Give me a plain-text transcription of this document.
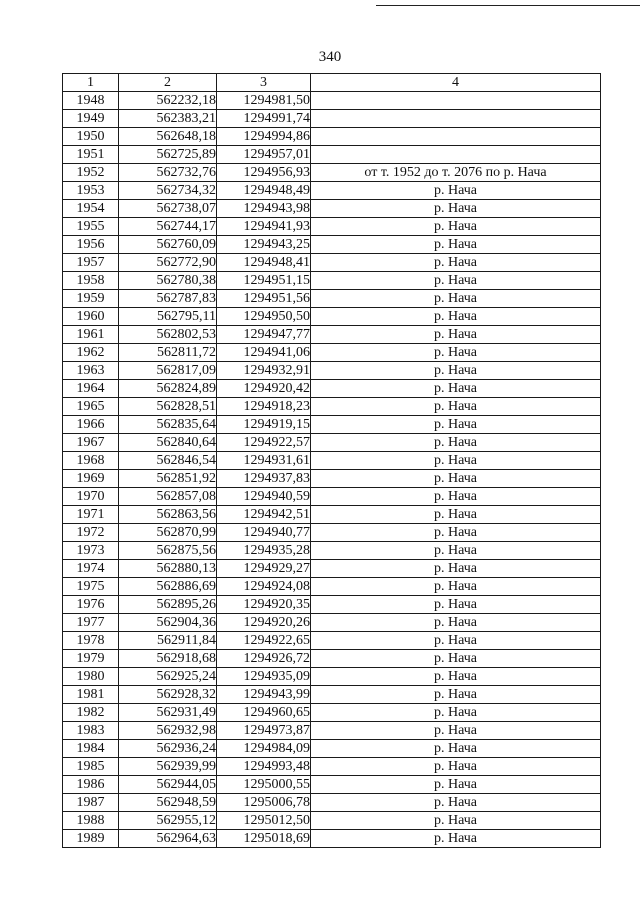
340
1	2	3	4
1948	562232,18	1294981,50	
1949	562383,21	1294991,74	
1950	562648,18	1294994,86	
1951	562725,89	1294957,01	
1952	562732,76	1294956,93	от т. 1952 до т. 2076 по р. Нача
1953	562734,32	1294948,49	р. Нача
1954	562738,07	1294943,98	р. Нача
1955	562744,17	1294941,93	р. Нача
1956	562760,09	1294943,25	р. Нача
1957	562772,90	1294948,41	р. Нача
1958	562780,38	1294951,15	р. Нача
1959	562787,83	1294951,56	р. Нача
1960	562795,11	1294950,50	р. Нача
1961	562802,53	1294947,77	р. Нача
1962	562811,72	1294941,06	р. Нача
1963	562817,09	1294932,91	р. Нача
1964	562824,89	1294920,42	р. Нача
1965	562828,51	1294918,23	р. Нача
1966	562835,64	1294919,15	р. Нача
1967	562840,64	1294922,57	р. Нача
1968	562846,54	1294931,61	р. Нача
1969	562851,92	1294937,83	р. Нача
1970	562857,08	1294940,59	р. Нача
1971	562863,56	1294942,51	р. Нача
1972	562870,99	1294940,77	р. Нача
1973	562875,56	1294935,28	р. Нача
1974	562880,13	1294929,27	р. Нача
1975	562886,69	1294924,08	р. Нача
1976	562895,26	1294920,35	р. Нача
1977	562904,36	1294920,26	р. Нача
1978	562911,84	1294922,65	р. Нача
1979	562918,68	1294926,72	р. Нача
1980	562925,24	1294935,09	р. Нача
1981	562928,32	1294943,99	р. Нача
1982	562931,49	1294960,65	р. Нача
1983	562932,98	1294973,87	р. Нача
1984	562936,24	1294984,09	р. Нача
1985	562939,99	1294993,48	р. Нача
1986	562944,05	1295000,55	р. Нача
1987	562948,59	1295006,78	р. Нача
1988	562955,12	1295012,50	р. Нача
1989	562964,63	1295018,69	р. Нача
